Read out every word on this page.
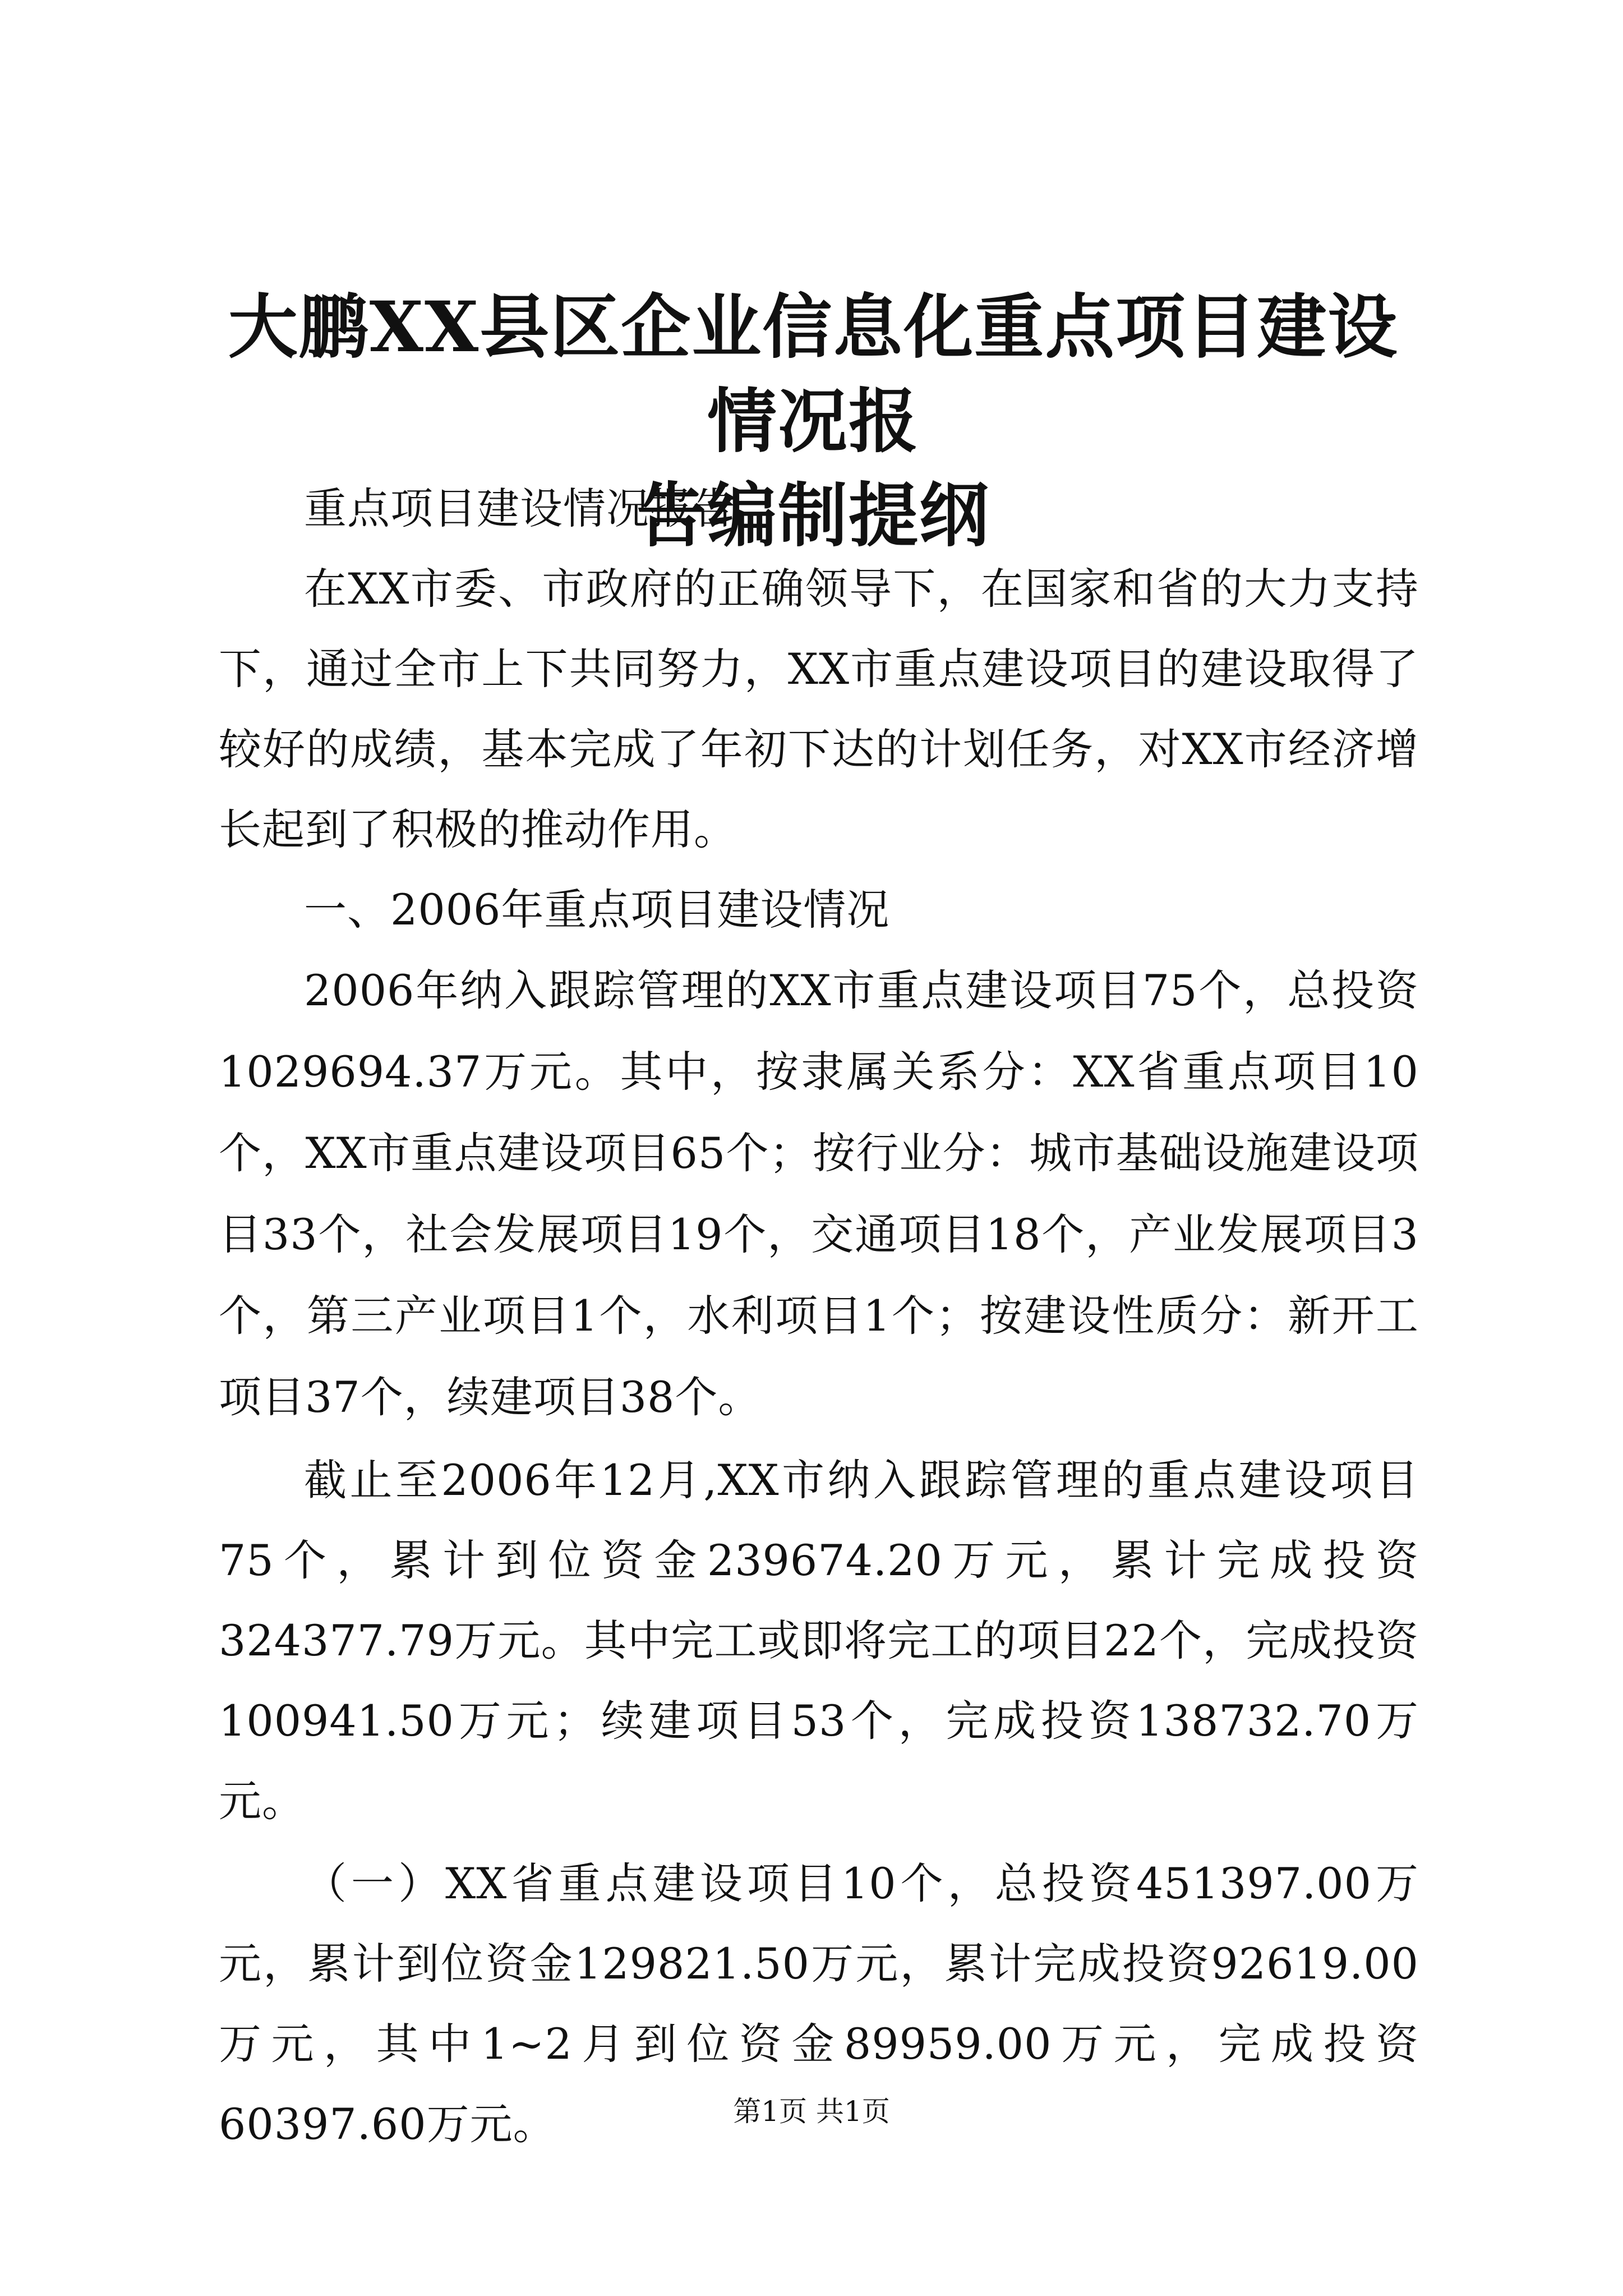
大鹏XX县区企业信息化重点项目建设情况报
告编制提纲

重点项目建设情况报告

在XX市委、市政府的正确领导下，在国家和省的大力支持下，通过全市上下共同努力，XX市重点建设项目的建设取得了较好的成绩，基本完成了年初下达的计划任务，对XX市经济增长起到了积极的推动作用。

一、2006年重点项目建设情况

2006年纳入跟踪管理的XX市重点建设项目75个，总投资1029694.37万元。其中，按隶属关系分：XX省重点项目10个，XX市重点建设项目65个；按行业分：城市基础设施建设项目33个，社会发展项目19个，交通项目18个，产业发展项目3个，第三产业项目1个，水利项目1个；按建设性质分：新开工项目37个，续建项目38个。

截止至2006年12月,XX市纳入跟踪管理的重点建设项目75个，累计到位资金239674.20万元，累计完成投资324377.79万元。其中完工或即将完工的项目22个，完成投资100941.50万元；续建项目53个，完成投资138732.70万元。

（一）XX省重点建设项目10个，总投资451397.00万元，累计到位资金129821.50万元，累计完成投资92619.00万元，其中1~2月到位资金89959.00万元，完成投资60397.60万元。	第1页 共1页
